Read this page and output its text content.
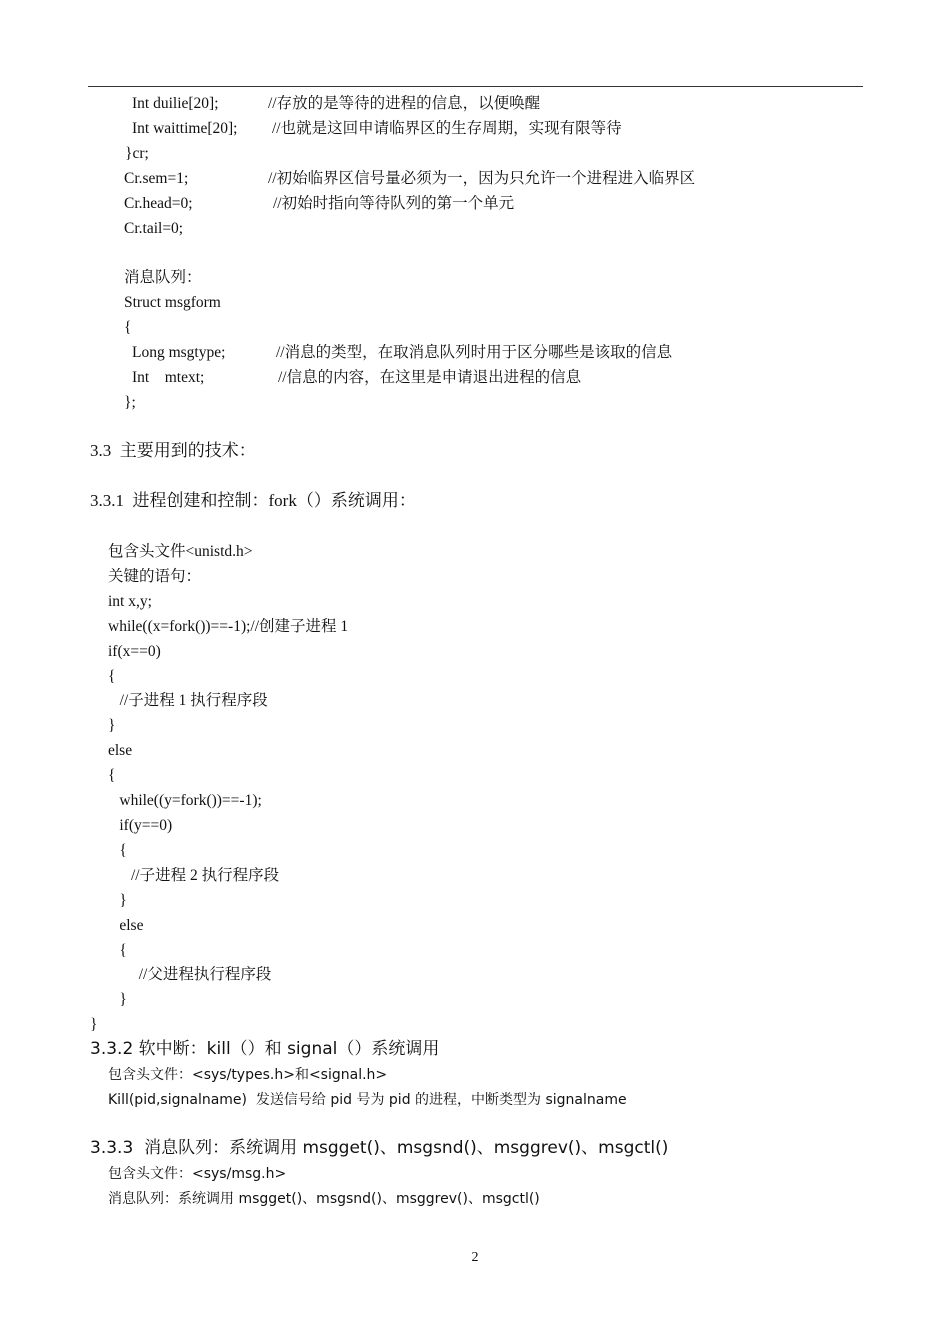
Int duilie[20];	//存放的是等待的进程的信息，以便唤醒
Int waittime[20]; //也就是这回申请临界区的生存周期，实现有限等待
}cr;
Cr.sem=1;	//初始临界区信号量必须为一，因为只允许一个进程进入临界区
Cr.head=0;	//初始时指向等待队列的第一个单元
Cr.tail=0;
消息队列：
Struct msgform
{
Long msgtype;	//消息的类型，在取消息队列时用于区分哪些是该取的信息
Int    mtext;	//信息的内容，在这里是申请退出进程的信息
};
3.3  主要用到的技术：
3.3.1  进程创建和控制：fork（）系统调用：
包含头文件<unistd.h>
关键的语句：
int x,y;
while((x=fork())==-1);//创建子进程 1
if(x==0)
{
//子进程 1 执行程序段
}
else
{
while((y=fork())==-1);
if(y==0)
{
//子进程 2 执行程序段
}
else
{
//父进程执行程序段
}
}
3.3.2 软中断：kill（）和 signal（）系统调用
包含头文件：<sys/types.h>和<signal.h>
Kill(pid,signalname)  发送信号给 pid 号为 pid 的进程，中断类型为 signalname
3.3.3  消息队列：系统调用 msgget()、msgsnd()、msggrev()、msgctl()
包含头文件：<sys/msg.h>
消息队列：系统调用 msgget()、msgsnd()、msggrev()、msgctl()
2
